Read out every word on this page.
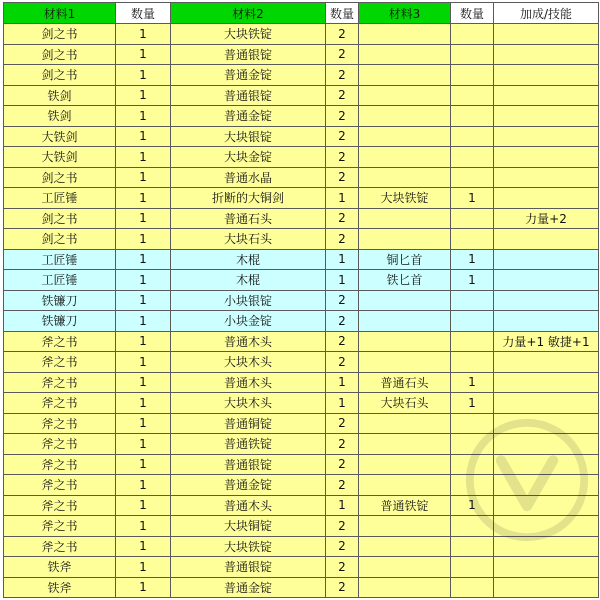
材料1	数量	材料2	数量	材料3	数量	加成/技能
剑之书	1	大块铁锭	2			
剑之书	1	普通银锭	2			
剑之书	1	普通金锭	2			
铁剑	1	普通银锭	2			
铁剑	1	普通金锭	2			
大铁剑	1	大块银锭	2			
大铁剑	1	大块金锭	2			
剑之书	1	普通水晶	2			
工匠锤	1	折断的大铜剑	1	大块铁锭	1	
剑之书	1	普通石头	2			力量+2
剑之书	1	大块石头	2			
工匠锤	1	木棍	1	铜匕首	1	
工匠锤	1	木棍	1	铁匕首	1	
铁镰刀	1	小块银锭	2			
铁镰刀	1	小块金锭	2			
斧之书	1	普通木头	2			力量+1 敏捷+1
斧之书	1	大块木头	2			
斧之书	1	普通木头	1	普通石头	1	
斧之书	1	大块木头	1	大块石头	1	
斧之书	1	普通铜锭	2			
斧之书	1	普通铁锭	2			
斧之书	1	普通银锭	2			
斧之书	1	普通金锭	2			
斧之书	1	普通木头	1	普通铁锭	1	
斧之书	1	大块铜锭	2			
斧之书	1	大块铁锭	2			
铁斧	1	普通银锭	2			
铁斧	1	普通金锭	2			
